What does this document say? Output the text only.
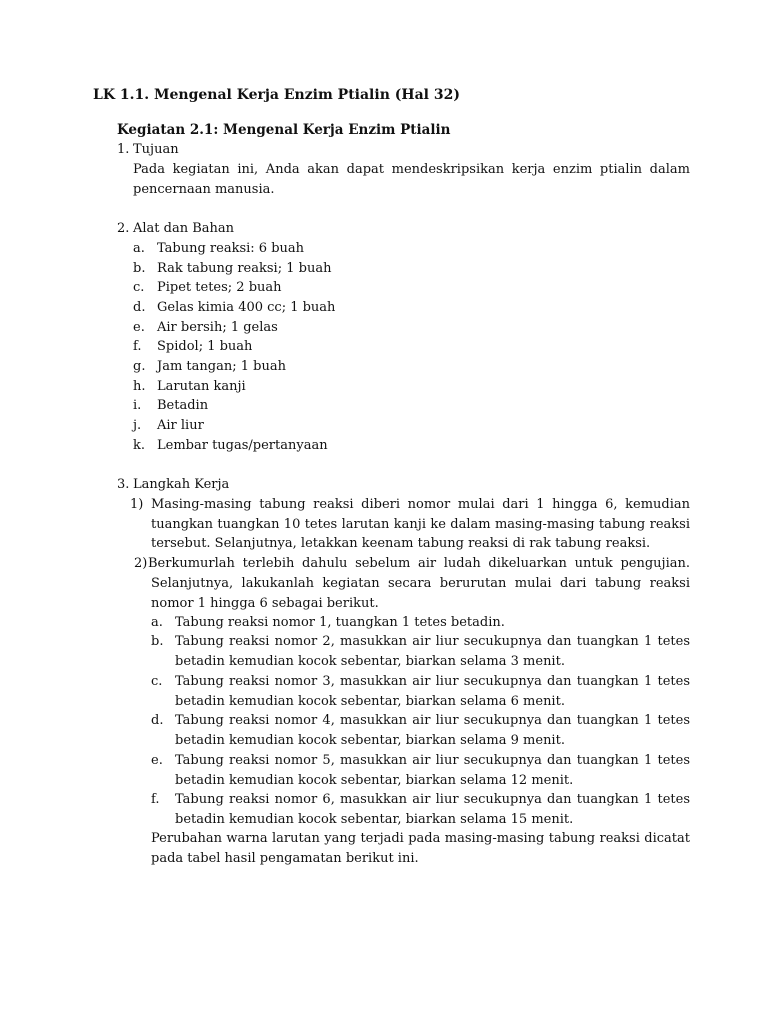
LK 1.1. Mengenal Kerja Enzim Ptialin (Hal 32)
Kegiatan 2.1: Mengenal Kerja Enzim Ptialin
1. Tujuan
Pada kegiatan ini, Anda akan dapat mendeskripsikan kerja enzim ptialin dalam
pencernaan manusia.
2. Alat dan Bahan
a. Tabung reaksi: 6 buah
b. Rak tabung reaksi; 1 buah
c. Pipet tetes; 2 buah
d. Gelas kimia 400 cc; 1 buah
e. Air bersih; 1 gelas
f. Spidol; 1 buah
g. Jam tangan; 1 buah
h. Larutan kanji
i. Betadin
j. Air liur
k. Lembar tugas/pertanyaan
3. Langkah Kerja
1) Masing-masing tabung reaksi diberi nomor mulai dari 1 hingga 6, kemudian
tuangkan tuangkan 10 tetes larutan kanji ke dalam masing-masing tabung reaksi
tersebut. Selanjutnya, letakkan keenam tabung reaksi di rak tabung reaksi.
2) Berkumurlah terlebih dahulu sebelum air ludah dikeluarkan untuk pengujian.
Selanjutnya, lakukanlah kegiatan secara berurutan mulai dari tabung reaksi
nomor 1 hingga 6 sebagai berikut.
a. Tabung reaksi nomor 1, tuangkan 1 tetes betadin.
b. Tabung reaksi nomor 2, masukkan air liur secukupnya dan tuangkan 1 tetes
betadin kemudian kocok sebentar, biarkan selama 3 menit.
c. Tabung reaksi nomor 3, masukkan air liur secukupnya dan tuangkan 1 tetes
betadin kemudian kocok sebentar, biarkan selama 6 menit.
d. Tabung reaksi nomor 4, masukkan air liur secukupnya dan tuangkan 1 tetes
betadin kemudian kocok sebentar, biarkan selama 9 menit.
e. Tabung reaksi nomor 5, masukkan air liur secukupnya dan tuangkan 1 tetes
betadin kemudian kocok sebentar, biarkan selama 12 menit.
f. Tabung reaksi nomor 6, masukkan air liur secukupnya dan tuangkan 1 tetes
betadin kemudian kocok sebentar, biarkan selama 15 menit.
Perubahan warna larutan yang terjadi pada masing-masing tabung reaksi dicatat
pada tabel hasil pengamatan berikut ini.
